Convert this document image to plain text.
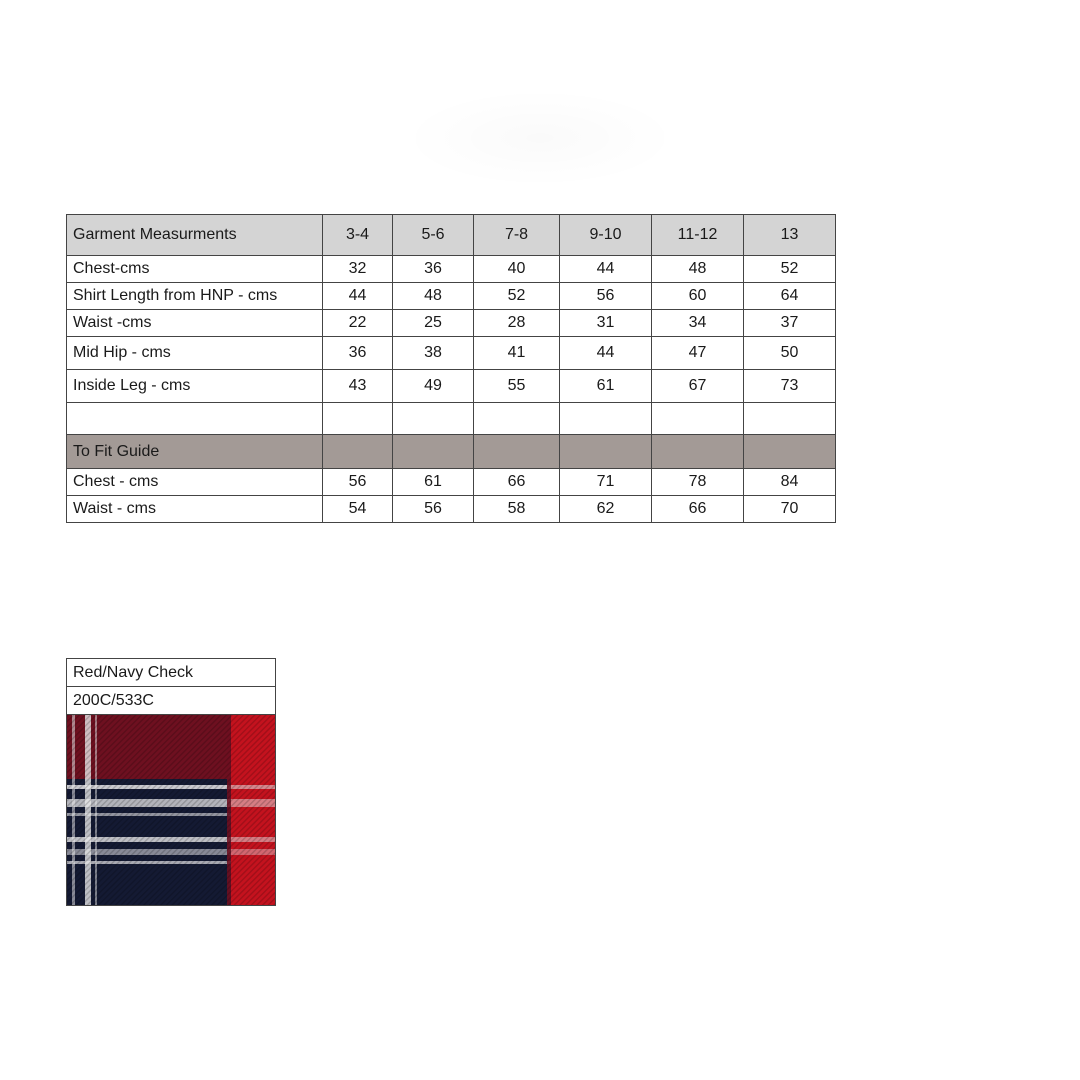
Garment Measurments	3-4	5-6	7-8	9-10	11-12	13
Chest-cms	32	36	40	44	48	52
Shirt Length from HNP - cms	44	48	52	56	60	64
Waist -cms	22	25	28	31	34	37
Mid Hip - cms	36	38	41	44	47	50
Inside Leg - cms	43	49	55	61	67	73

To Fit Guide						
Chest - cms	56	61	66	71	78	84
Waist - cms	54	56	58	62	66	70
Red/Navy Check
200C/533C
